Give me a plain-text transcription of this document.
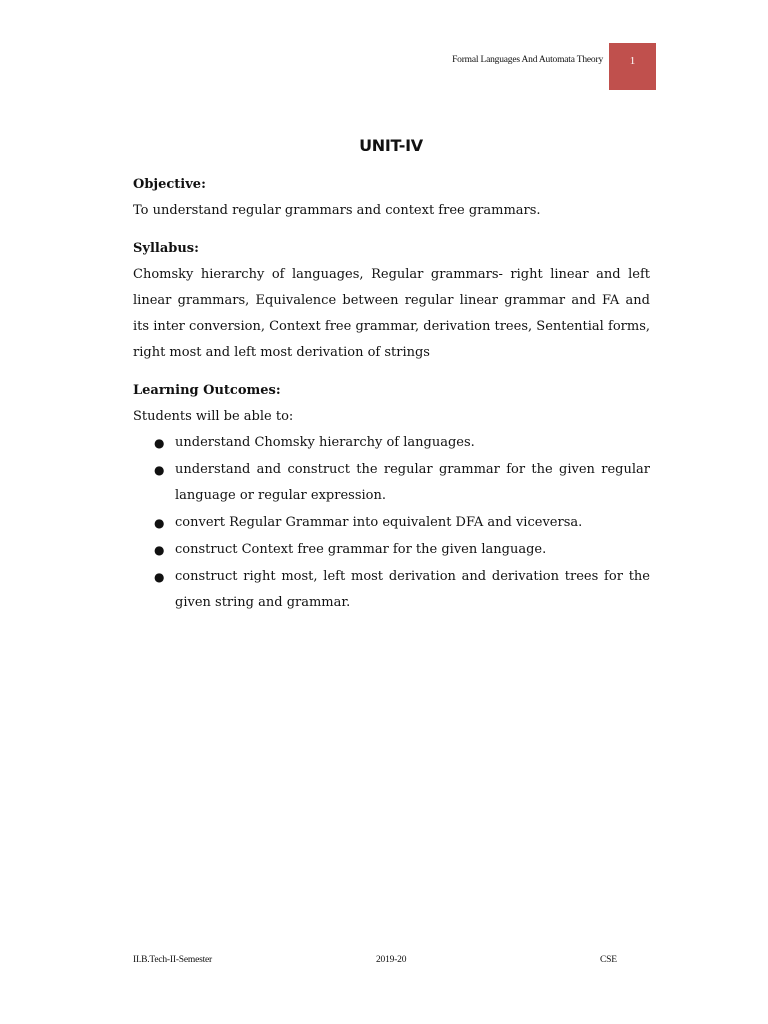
Formal Languages And Automata Theory	1
UNIT-IV

Objective:

To understand regular grammars and context free grammars.

Syllabus:

Chomsky hierarchy of languages, Regular grammars- right linear and left linear grammars, Equivalence between regular linear grammar and FA and its inter conversion, Context free grammar, derivation trees, Sentential forms, right most and left most derivation of strings

Learning Outcomes:

Students will be able to:

● understand Chomsky hierarchy of languages.
● understand and construct the regular grammar for the given regular language or regular expression.
● convert Regular Grammar into equivalent DFA and viceversa.
● construct Context free grammar for the given language.
● construct right most, left most derivation and derivation trees for the given string and grammar.
II.B.Tech-II-Semester	2019-20	CSE
